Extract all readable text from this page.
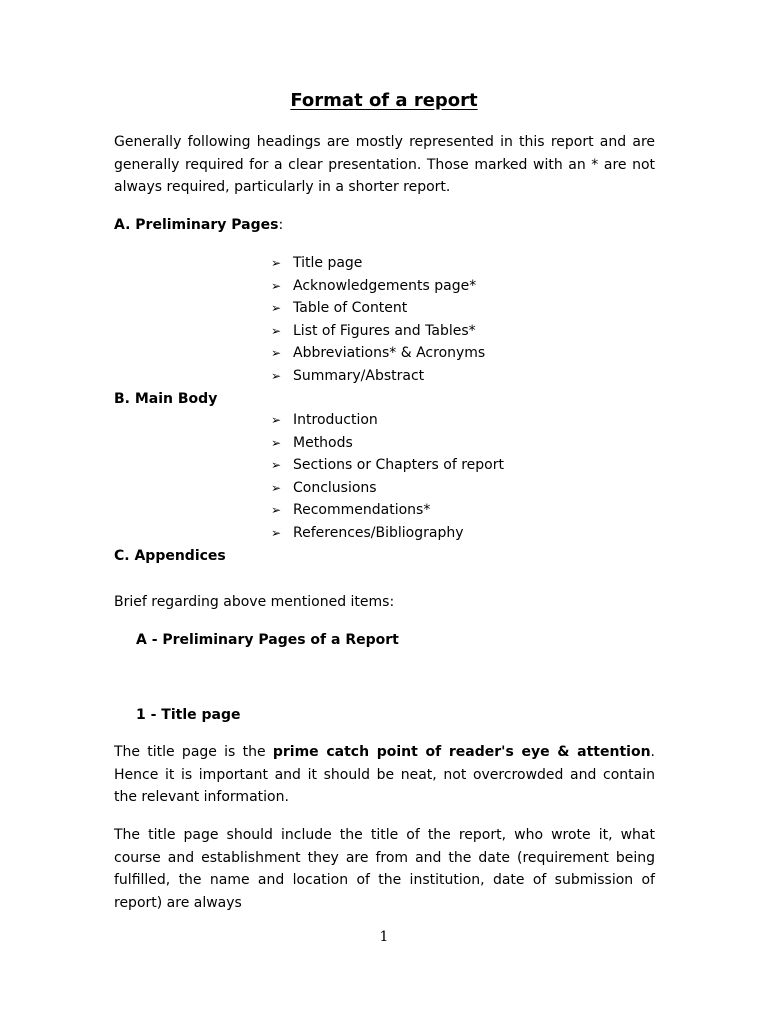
Format of a report
Generally following headings are mostly represented in this report and are generally required for a clear presentation. Those marked with an * are not always required, particularly in a shorter report.
A. Preliminary Pages:
➢ Title page
➢ Acknowledgements page*
➢ Table of Content
➢ List of Figures and Tables*
➢ Abbreviations* & Acronyms
➢ Summary/Abstract
B. Main Body
➢ Introduction
➢ Methods
➢ Sections or Chapters of report
➢ Conclusions
➢ Recommendations*
➢ References/Bibliography
C. Appendices
Brief regarding above mentioned items:
A - Preliminary Pages of a Report
1 - Title page
The title page is the prime catch point of reader's eye & attention. Hence it is important and it should be neat, not overcrowded and contain the relevant information.
The title page should include the title of the report, who wrote it, what course and establishment they are from and the date (requirement being fulfilled, the name and location of the institution, date of submission of report) are always
1
